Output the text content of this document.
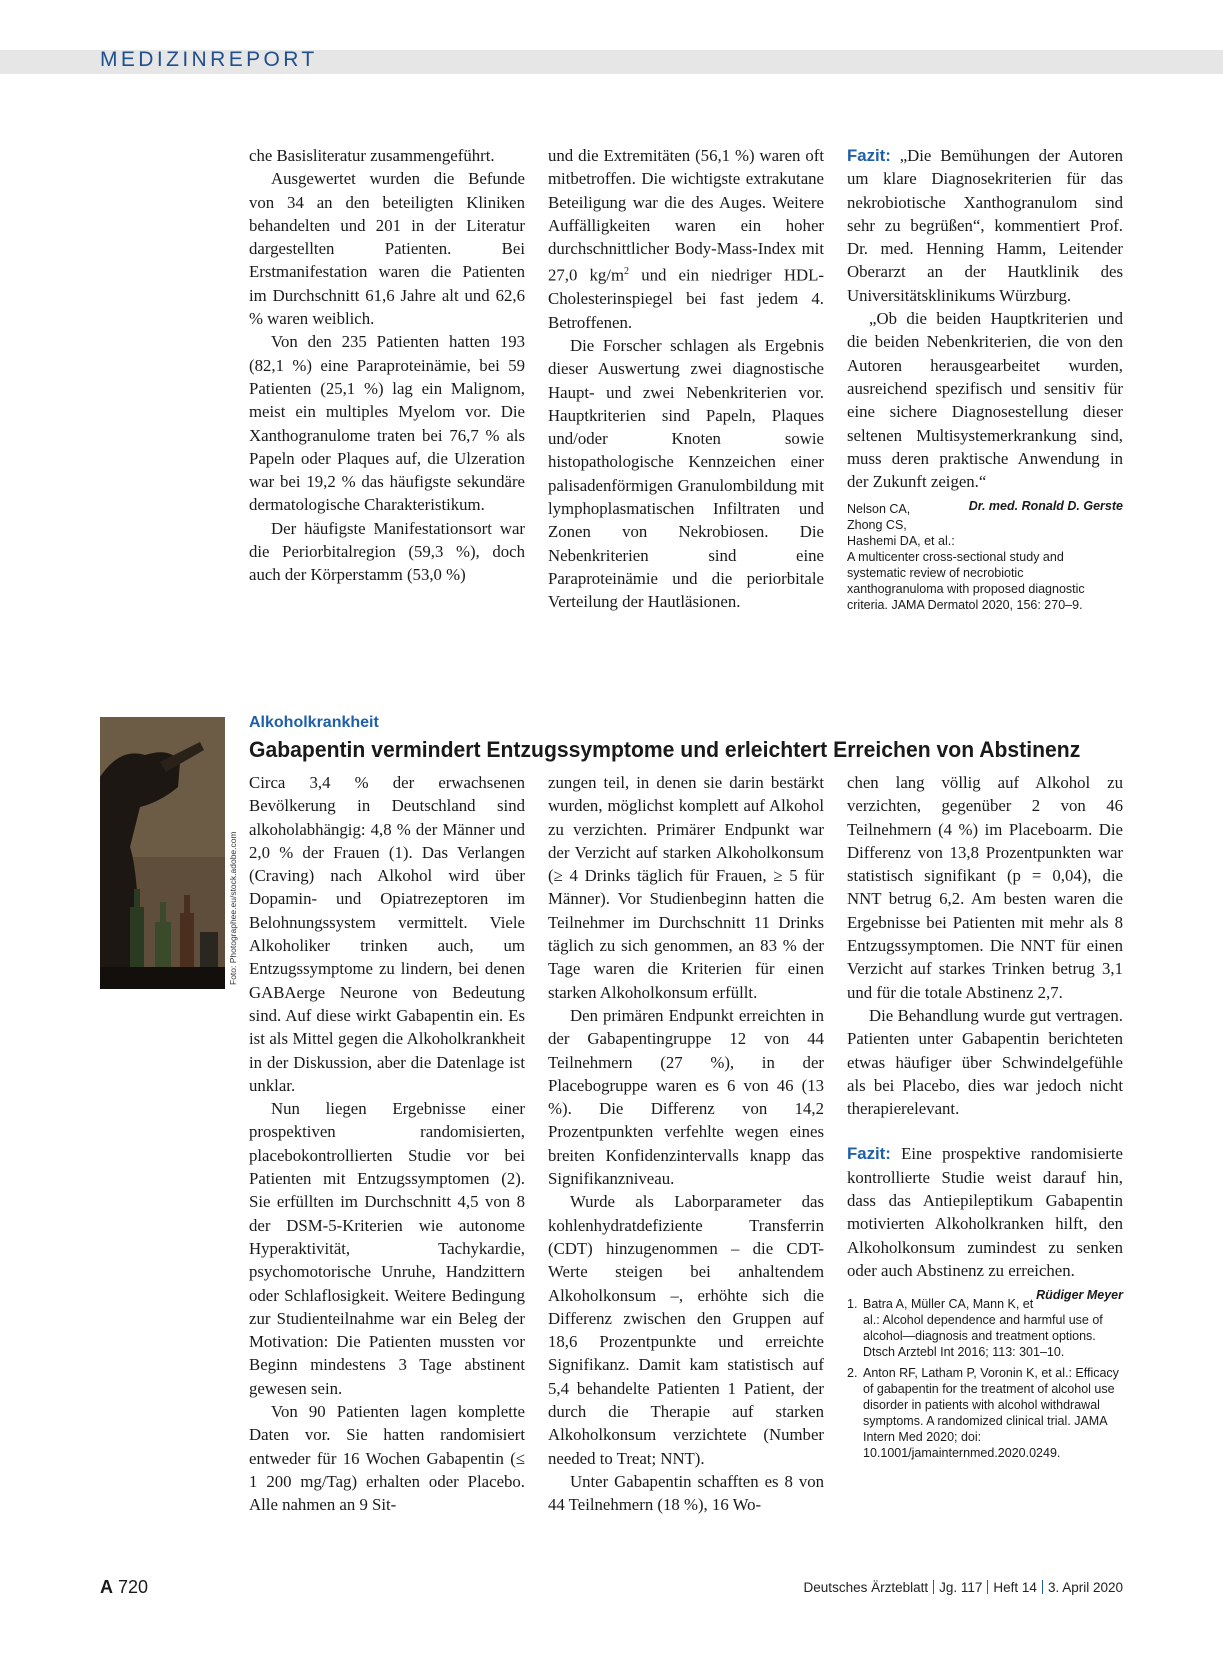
MEDIZINREPORT

che Basisliteratur zusammengeführt.

Ausgewertet wurden die Befunde von 34 an den beteiligten Kliniken behandelten und 201 in der Literatur dargestellten Patienten. Bei Erstmanifestation waren die Patienten im Durchschnitt 61,6 Jahre alt und 62,6 % waren weiblich.

Von den 235 Patienten hatten 193 (82,1 %) eine Paraproteinämie, bei 59 Patienten (25,1 %) lag ein Malignom, meist ein multiples Myelom vor. Die Xanthogranulome traten bei 76,7 % als Papeln oder Plaques auf, die Ulzeration war bei 19,2 % das häufigste sekundäre dermatologische Charakteristikum.

Der häufigste Manifestationsort war die Periorbitalregion (59,3 %), doch auch der Körperstamm (53,0 %)

und die Extremitäten (56,1 %) waren oft mitbetroffen. Die wichtigste extrakutane Beteiligung war die des Auges. Weitere Auffälligkeiten waren ein hoher durchschnittlicher Body-Mass-Index mit 27,0 $kg/m^2$ und ein niedriger HDL-Cholesterinspiegel bei fast jedem 4. Betroffenen.

Die Forscher schlagen als Ergebnis dieser Auswertung zwei diagnostische Haupt- und zwei Nebenkriterien vor. Hauptkriterien sind Papeln, Plaques und/oder Knoten sowie histopathologische Kennzeichen einer palisadenförmigen Granulombildung mit lymphoplasmatischen Infiltraten und Zonen von Nekrobiosen. Die Nebenkriterien sind eine Paraproteinämie und die periorbitale Verteilung der Hautläsionen.

Fazit: „Die Bemühungen der Autoren um klare Diagnosekriterien für das nekrobiotische Xanthogranulom sind sehr zu begrüßen“, kommentiert Prof. Dr. med. Henning Hamm, Leitender Oberarzt an der Hautklinik des Universitätsklinikums Würzburg.

„Ob die beiden Hauptkriterien und die beiden Nebenkriterien, die von den Autoren herausgearbeitet wurden, ausreichend spezifisch und sensitiv für eine sichere Diagnosestellung dieser seltenen Multisystemerkrankung sind, muss deren praktische Anwendung in der Zukunft zeigen.“
Dr. med. Ronald D. Gerste

Nelson CA, Zhong CS, Hashemi DA, et al.:
A multicenter cross-sectional study and systematic review of necrobiotic xanthogranuloma with proposed diagnostic criteria. JAMA Dermatol 2020, 156: 270–9.
Foto: Photographee.eu/stock.adobe.com
Alkoholkrankheit
Gabapentin vermindert Entzugssymptome und erleichtert Erreichen von Abstinenz

Circa 3,4 % der erwachsenen Bevölkerung in Deutschland sind alkoholabhängig: 4,8 % der Männer und 2,0 % der Frauen (1). Das Verlangen (Craving) nach Alkohol wird über Dopamin- und Opiatrezeptoren im Belohnungssystem vermittelt. Viele Alkoholiker trinken auch, um Entzugssymptome zu lindern, bei denen GABAerge Neurone von Bedeutung sind. Auf diese wirkt Gabapentin ein. Es ist als Mittel gegen die Alkoholkrankheit in der Diskussion, aber die Datenlage ist unklar.

Nun liegen Ergebnisse einer prospektiven randomisierten, placebokontrollierten Studie vor bei Patienten mit Entzugssymptomen (2). Sie erfüllten im Durchschnitt 4,5 von 8 der DSM-5-Kriterien wie autonome Hyperaktivität, Tachykardie, psychomotorische Unruhe, Handzittern oder Schlaflosigkeit. Weitere Bedingung zur Studienteilnahme war ein Beleg der Motivation: Die Patienten mussten vor Beginn mindestens 3 Tage abstinent gewesen sein.

Von 90 Patienten lagen komplette Daten vor. Sie hatten randomisiert entweder für 16 Wochen Gabapentin (≤ 1 200 mg/Tag) erhalten oder Placebo. Alle nahmen an 9 Sit-

zungen teil, in denen sie darin bestärkt wurden, möglichst komplett auf Alkohol zu verzichten. Primärer Endpunkt war der Verzicht auf starken Alkoholkonsum (≥ 4 Drinks täglich für Frauen, ≥ 5 für Männer). Vor Studienbeginn hatten die Teilnehmer im Durchschnitt 11 Drinks täglich zu sich genommen, an 83 % der Tage waren die Kriterien für einen starken Alkoholkonsum erfüllt.

Den primären Endpunkt erreichten in der Gabapentingruppe 12 von 44 Teilnehmern (27 %), in der Placebogruppe waren es 6 von 46 (13 %). Die Differenz von 14,2 Prozentpunkten verfehlte wegen eines breiten Konfidenzintervalls knapp das Signifikanzniveau.

Wurde als Laborparameter das kohlenhydratdefiziente Transferrin (CDT) hinzugenommen – die CDT-Werte steigen bei anhaltendem Alkoholkonsum –, erhöhte sich die Differenz zwischen den Gruppen auf 18,6 Prozentpunkte und erreichte Signifikanz. Damit kam statistisch auf 5,4 behandelte Patienten 1 Patient, der durch die Therapie auf starken Alkoholkonsum verzichtete (Number needed to Treat; NNT).

Unter Gabapentin schafften es 8 von 44 Teilnehmern (18 %), 16 Wo-

chen lang völlig auf Alkohol zu verzichten, gegenüber 2 von 46 Teilnehmern (4 %) im Placeboarm. Die Differenz von 13,8 Prozentpunkten war statistisch signifikant (p = 0,04), die NNT betrug 6,2. Am besten waren die Ergebnisse bei Patienten mit mehr als 8 Entzugssymptomen. Die NNT für einen Verzicht auf starkes Trinken betrug 3,1 und für die totale Abstinenz 2,7.

Die Behandlung wurde gut vertragen. Patienten unter Gabapentin berichteten etwas häufiger über Schwindelgefühle als bei Placebo, dies war jedoch nicht therapierelevant.

Fazit: Eine prospektive randomisierte kontrollierte Studie weist darauf hin, dass das Antiepileptikum Gabapentin motivierten Alkoholkranken hilft, den Alkoholkonsum zumindest zu senken oder auch Abstinenz zu erreichen.
Rüdiger Meyer

1. Batra A, Müller CA, Mann K, et al.: Alcohol dependence and harmful use of alcohol—diagnosis and treatment options. Dtsch Arztebl Int 2016; 113: 301–10.
2. Anton RF, Latham P, Voronin K, et al.: Efficacy of gabapentin for the treatment of alcohol use disorder in patients with alcohol withdrawal symptoms. A randomized clinical trial. JAMA Intern Med 2020; doi: 10.1001/jamainternmed.2020.0249.
A 720	Deutsches Ärzteblatt Jg. 117 Heft 14 3. April 2020
